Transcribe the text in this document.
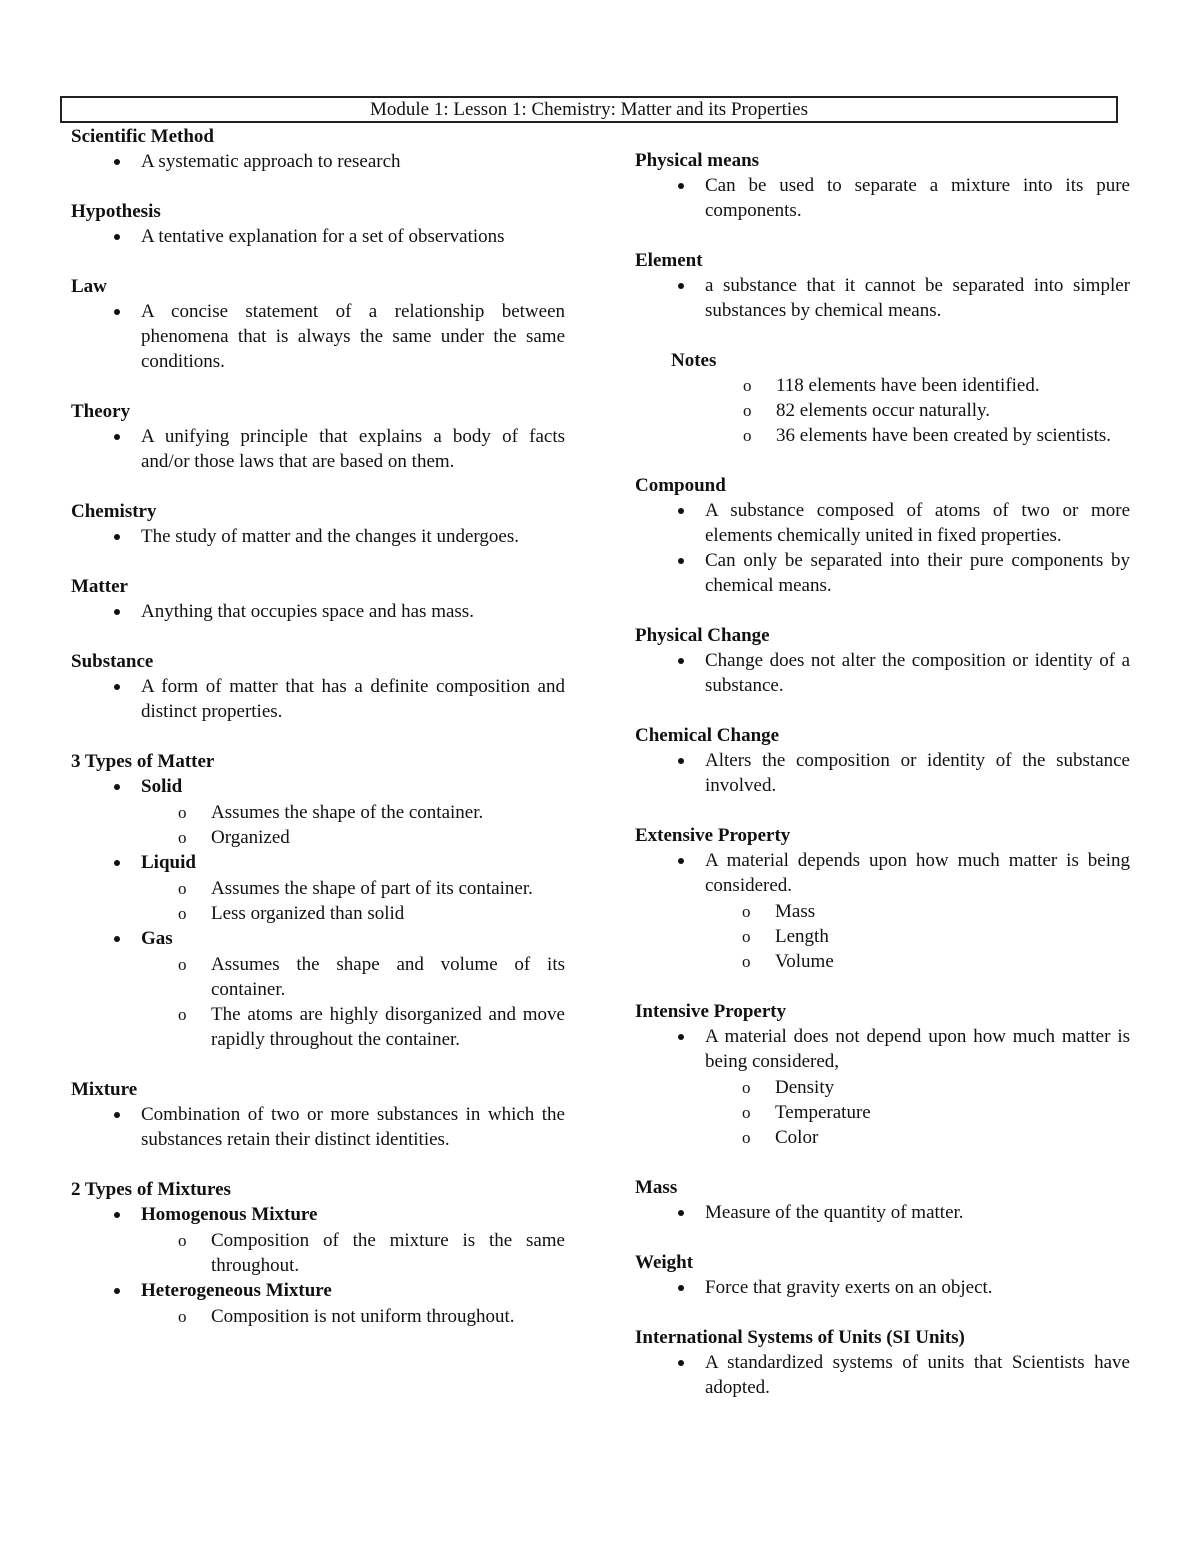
Module 1: Lesson 1: Chemistry: Matter and its Properties
Scientific Method
A systematic approach to research
Hypothesis
A tentative explanation for a set of observations
Law
A concise statement of a relationship between phenomena that is always the same under the same conditions.
Theory
A unifying principle that explains a body of facts and/or those laws that are based on them.
Chemistry
The study of matter and the changes it undergoes.
Matter
Anything that occupies space and has mass.
Substance
A form of matter that has a definite composition and distinct properties.
3 Types of Matter
Solid
o Assumes the shape of the container.
o Organized
Liquid
o Assumes the shape of part of its container.
o Less organized than solid
Gas
o Assumes the shape and volume of its container.
o The atoms are highly disorganized and move rapidly throughout the container.
Mixture
Combination of two or more substances in which the substances retain their distinct identities.
2 Types of Mixtures
Homogenous Mixture
o Composition of the mixture is the same throughout.
Heterogeneous Mixture
o Composition is not uniform throughout.
Physical means
Can be used to separate a mixture into its pure components.
Element
a substance that it cannot be separated into simpler substances by chemical means.
Notes
o 118 elements have been identified.
o 82 elements occur naturally.
o 36 elements have been created by scientists.
Compound
A substance composed of atoms of two or more elements chemically united in fixed properties.
Can only be separated into their pure components by chemical means.
Physical Change
Change does not alter the composition or identity of a substance.
Chemical Change
Alters the composition or identity of the substance involved.
Extensive Property
A material depends upon how much matter is being considered.
o Mass
o Length
o Volume
Intensive Property
A material does not depend upon how much matter is being considered,
o Density
o Temperature
o Color
Mass
Measure of the quantity of matter.
Weight
Force that gravity exerts on an object.
International Systems of Units (SI Units)
A standardized systems of units that Scientists have adopted.
